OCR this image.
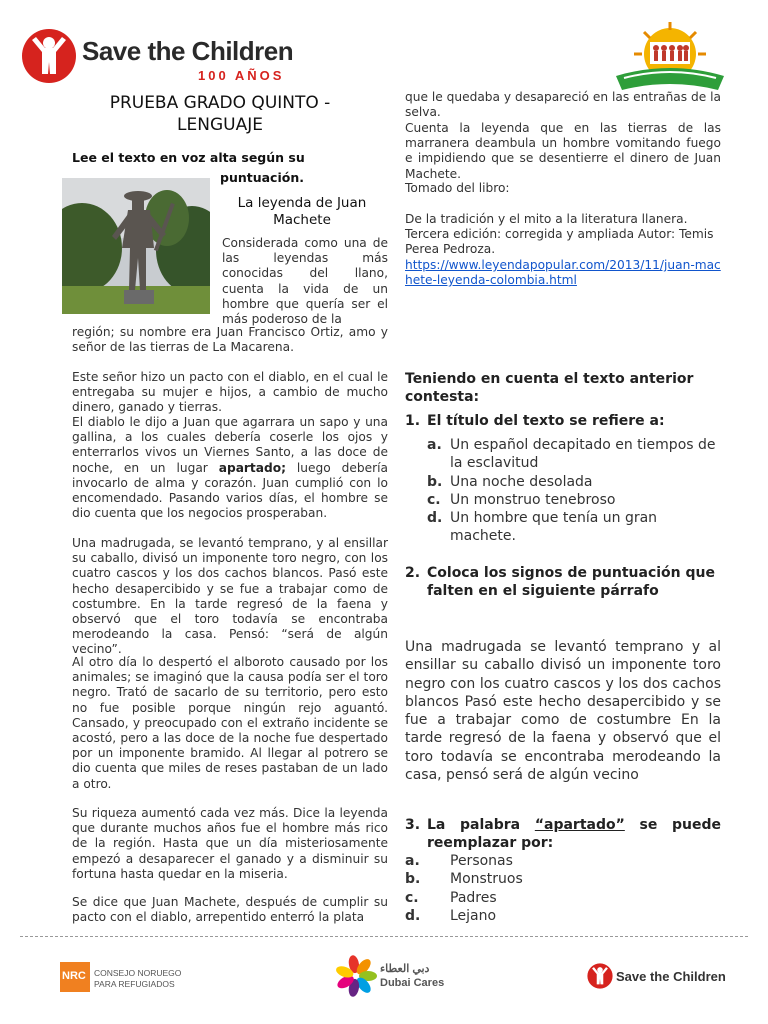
Save the Children
100 AÑOS
PRUEBA GRADO QUINTO - LENGUAJE
Lee el texto en voz alta según su
puntuación.
La leyenda de Juan Machete
Considerada como una de las leyendas más conocidas del llano, cuenta la vida de un hombre que quería ser el más poderoso de la
región; su nombre era Juan Francisco Ortiz, amo y señor de las tierras de La Macarena.
Este señor hizo un pacto con el diablo, en el cual le entregaba su mujer e hijos, a cambio de mucho dinero, ganado y tierras.
El diablo le dijo a Juan que agarrara un sapo y una gallina, a los cuales debería coserle los ojos y enterrarlos vivos un Viernes Santo, a las doce de noche, en un lugar apartado; luego debería invocarlo de alma y corazón. Juan cumplió con lo encomendado. Pasando varios días, el hombre se dio cuenta que los negocios prosperaban.
Una madrugada, se levantó temprano, y al ensillar su caballo, divisó un imponente toro negro, con los cuatro cascos y los dos cachos blancos. Pasó este hecho desapercibido y se fue a trabajar como de costumbre. En la tarde regresó de la faena y observó que el toro todavía se encontraba merodeando la casa. Pensó: “será de algún vecino”.
Al otro día lo despertó el alboroto causado por los animales; se imaginó que la causa podía ser el toro negro. Trató de sacarlo de su territorio, pero esto no fue posible porque ningún rejo aguantó. Cansado, y preocupado con el extraño incidente se acostó, pero a las doce de la noche fue despertado por un imponente bramido. Al llegar al potrero se dio cuenta que miles de reses pastaban de un lado a otro.
Su riqueza aumentó cada vez más. Dice la leyenda que durante muchos años fue el hombre más rico de la región. Hasta que un día misteriosamente empezó a desaparecer el ganado y a disminuir su fortuna hasta quedar en la miseria.
Se dice que Juan Machete, después de cumplir su pacto con el diablo, arrepentido enterró la plata
que le quedaba y desapareció en las entrañas de la selva.
Cuenta la leyenda que en las tierras de las marranera deambula un hombre vomitando fuego e impidiendo que se desentierre el dinero de Juan Machete.
Tomado del libro:
De la tradición y el mito a la literatura llanera.
Tercera edición: corregida y ampliada Autor: Temis Perea Pedroza.
https://www.leyendapopular.com/2013/11/juan-machete-leyenda-colombia.html
Teniendo en cuenta el texto anterior contesta:
1. El título del texto se refiere a:
a. Un español decapitado en tiempos de la esclavitud
b. Una noche desolada
c. Un monstruo tenebroso
d. Un hombre que tenía un gran machete.
2. Coloca los signos de puntuación que falten en el siguiente párrafo
Una madrugada se levantó temprano y al ensillar su caballo divisó un imponente toro negro con los cuatro cascos y los dos cachos blancos Pasó este hecho desapercibido y se fue a trabajar como de costumbre En la tarde regresó de la faena y observó que el toro todavía se encontraba merodeando la casa, pensó será de algún vecino
3. La palabra “apartado” se puede reemplazar por:
a. Personas
b. Monstruos
c. Padres
d. Lejano
NRC CONSEJO NORUEGO
PARA REFUGIADOS
دبي العطاء
Dubai Cares	Save the Children
